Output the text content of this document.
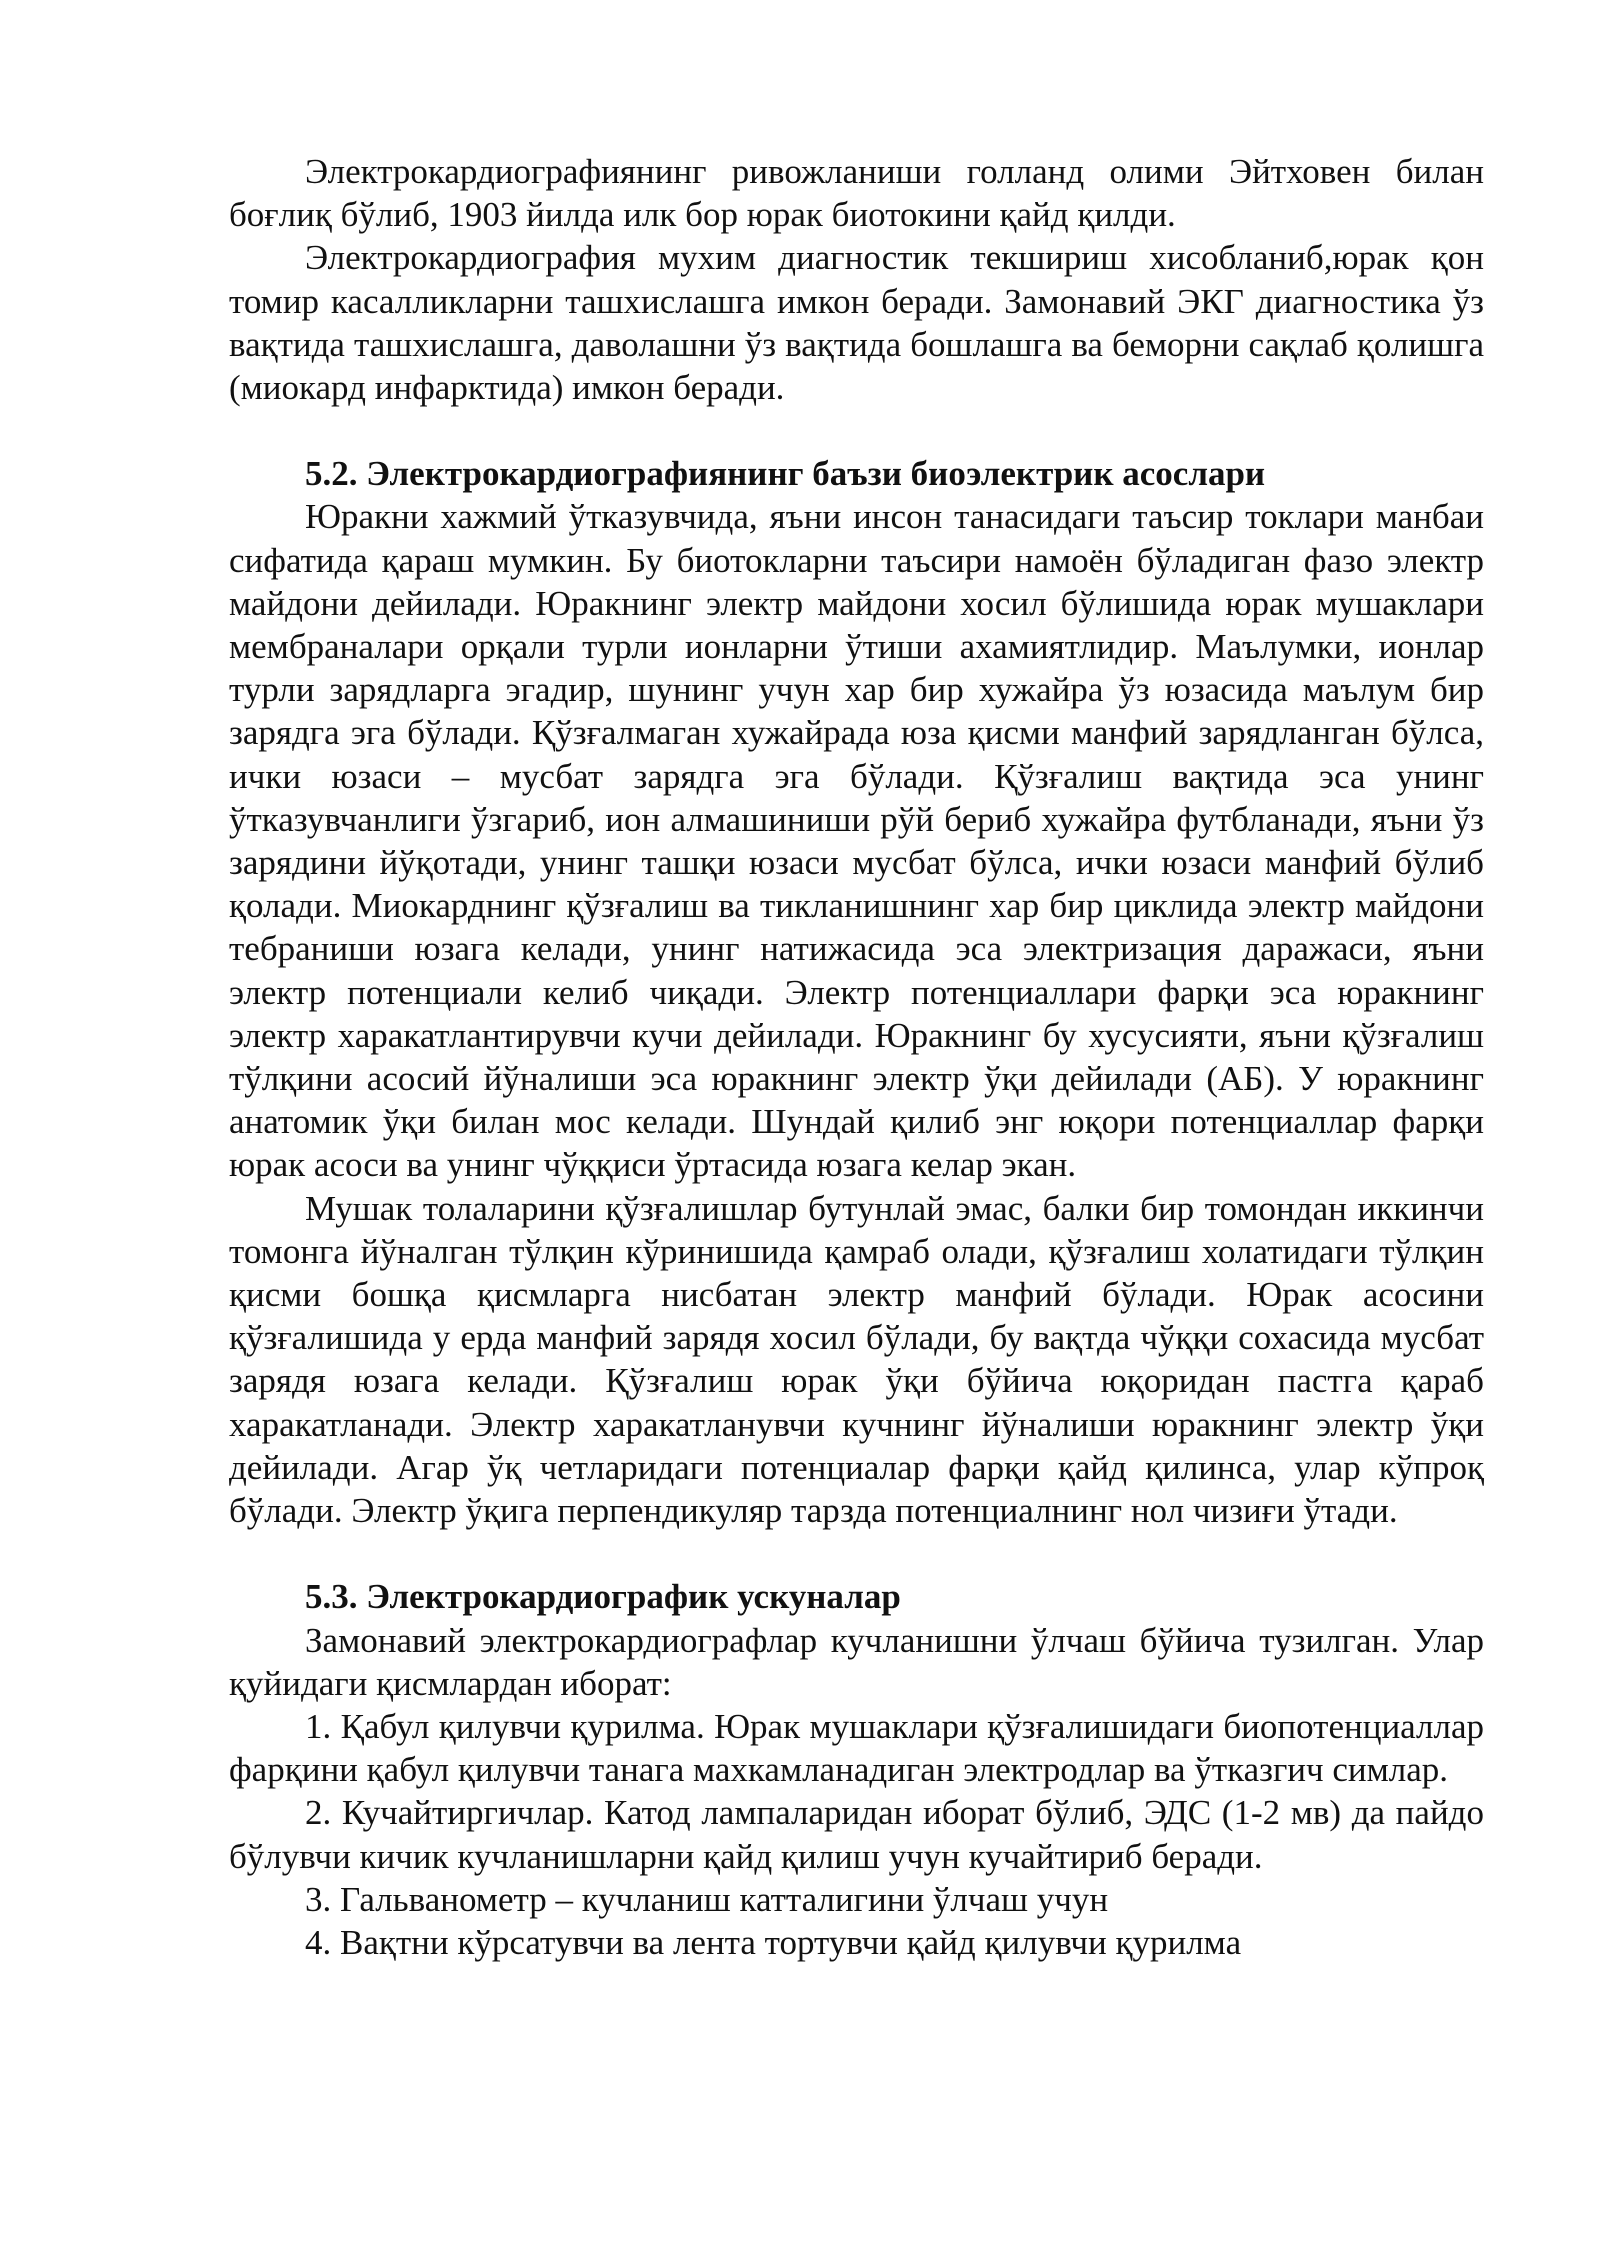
Электрокардиографиянинг ривожланиши голланд олими Эйтховен билан боғлиқ бўлиб, 1903 йилда илк бор юрак биотокини қайд қилди.

Электрокардиография мухим диагностик текшириш хисобланиб,юрак қон томир касалликларни ташхислашга имкон беради. Замонавий ЭКГ диагностика ўз вақтида ташхислашга, даволашни ўз вақтида бошлашга ва беморни сақлаб қолишга (миокард инфарктида) имкон беради.

5.2. Электрокардиографиянинг баъзи биоэлектрик асослари

Юракни хажмий ўтказувчида, яъни инсон танасидаги таъсир токлари манбаи сифатида қараш мумкин. Бу биотокларни таъсири намоён бўладиган фазо электр майдони дейилади. Юракнинг электр майдони хосил бўлишида юрак мушаклари мембраналари орқали турли ионларни ўтиши ахамиятлидир. Маълумки, ионлар турли зарядларга эгадир, шунинг учун хар бир хужайра ўз юзасида маълум бир зарядга эга бўлади. Қўзғалмаган хужайрада юза қисми манфий зарядланган бўлса, ички юзаси – мусбат зарядга эга бўлади. Қўзғалиш вақтида эса унинг ўтказувчанлиги ўзгариб, ион алмашиниши рўй бериб хужайра футбланади, яъни ўз зарядини йўқотади, унинг ташқи юзаси мусбат бўлса, ички юзаси манфий бўлиб қолади. Миокарднинг қўзғалиш ва тикланишнинг хар бир циклида электр майдони тебраниши юзага келади, унинг натижасида эса электризация даражаси, яъни электр потенциали келиб чиқади. Электр потенциаллари фарқи эса юракнинг электр харакатлантирувчи кучи дейилади. Юракнинг бу хусусияти, яъни қўзғалиш тўлқини асосий йўналиши эса юракнинг электр ўқи дейилади (АБ). У юракнинг анатомик ўқи билан мос келади. Шундай қилиб энг юқори потенциаллар фарқи юрак асоси ва унинг чўққиси ўртасида юзага келар экан.

Мушак толаларини қўзғалишлар бутунлай эмас, балки бир томондан иккинчи томонга йўналган тўлқин кўринишида қамраб олади, қўзғалиш холатидаги тўлқин қисми бошқа қисмларга нисбатан электр манфий бўлади. Юрак асосини қўзғалишида у ерда манфий зарядя хосил бўлади, бу вақтда чўққи сохасида мусбат зарядя юзага келади. Қўзғалиш юрак ўқи бўйича юқоридан пастга қараб харакатланади. Электр харакатланувчи кучнинг йўналиши юракнинг электр ўқи дейилади. Агар ўқ четларидаги потенциалар фарқи қайд қилинса, улар кўпроқ бўлади. Электр ўқига перпендикуляр тарзда потенциалнинг нол чизиғи ўтади.

5.3. Электрокардиографик ускуналар

Замонавий электрокардиографлар кучланишни ўлчаш бўйича тузилган. Улар қуйидаги қисмлардан иборат:

1. Қабул қилувчи қурилма. Юрак мушаклари қўзғалишидаги биопотенциаллар фарқини қабул қилувчи танага махкамланадиган электродлар ва ўтказгич симлар.

2. Кучайтиргичлар. Катод лампаларидан иборат бўлиб, ЭДС (1-2 мв) да пайдо бўлувчи кичик кучланишларни қайд қилиш учун кучайтириб беради.

3. Гальванометр – кучланиш катталигини ўлчаш учун

4. Вақтни кўрсатувчи ва лента тортувчи қайд қилувчи қурилма
